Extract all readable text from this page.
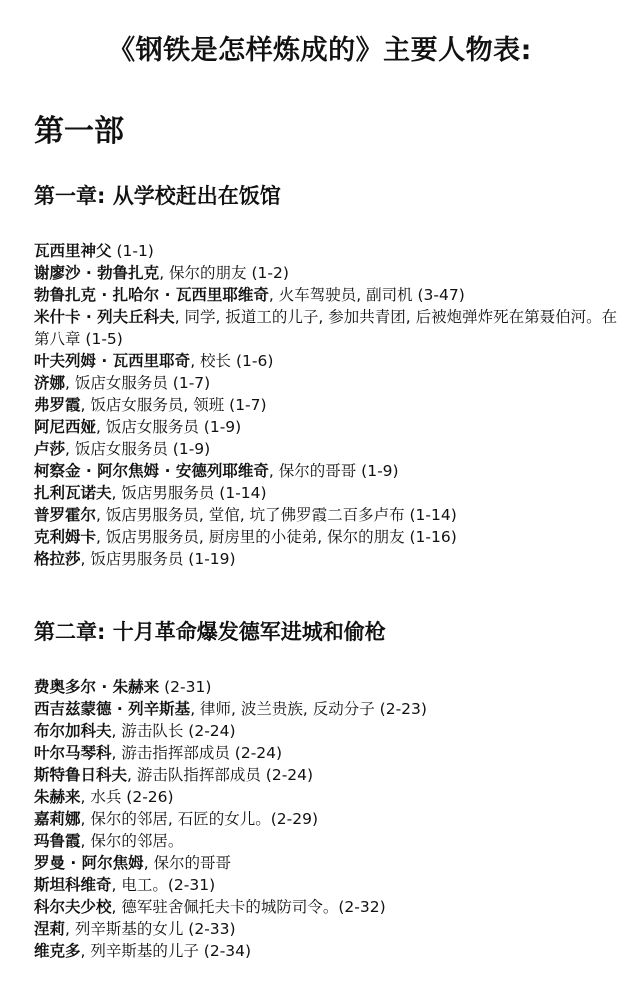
《钢铁是怎样炼成的》主要人物表:
第一部
第一章: 从学校赶出在饭馆
瓦西里神父 (1-1)
谢廖沙 · 勃鲁扎克, 保尔的朋友 (1-2)
勃鲁扎克 · 扎哈尔 · 瓦西里耶维奇, 火车驾驶员, 副司机 (3-47)
米什卡 · 列夫丘科夫, 同学, 扳道工的儿子, 参加共青团, 后被炮弹炸死在第聂伯河。在第八章 (1-5)
叶夫列姆 · 瓦西里耶奇, 校长 (1-6)
济娜, 饭店女服务员 (1-7)
弗罗霞, 饭店女服务员, 领班 (1-7)
阿尼西娅, 饭店女服务员 (1-9)
卢莎, 饭店女服务员 (1-9)
柯察金 · 阿尔焦姆 · 安德列耶维奇, 保尔的哥哥 (1-9)
扎利瓦诺夫, 饭店男服务员 (1-14)
普罗霍尔, 饭店男服务员, 堂倌, 坑了佛罗霞二百多卢布 (1-14)
克利姆卡, 饭店男服务员, 厨房里的小徒弟, 保尔的朋友 (1-16)
格拉莎, 饭店男服务员 (1-19)
第二章: 十月革命爆发德军进城和偷枪
费奥多尔 · 朱赫来 (2-31)
西吉兹蒙德 · 列辛斯基, 律师, 波兰贵族, 反动分子 (2-23)
布尔加科夫, 游击队长 (2-24)
叶尔马琴科, 游击指挥部成员 (2-24)
斯特鲁日科夫, 游击队指挥部成员 (2-24)
朱赫来, 水兵 (2-26)
嘉莉娜, 保尔的邻居, 石匠的女儿。(2-29)
玛鲁霞, 保尔的邻居。
罗曼 · 阿尔焦姆, 保尔的哥哥
斯坦科维奇, 电工。(2-31)
科尔夫少校, 德军驻舍佩托夫卡的城防司令。(2-32)
涅莉, 列辛斯基的女儿 (2-33)
维克多, 列辛斯基的儿子 (2-34)
